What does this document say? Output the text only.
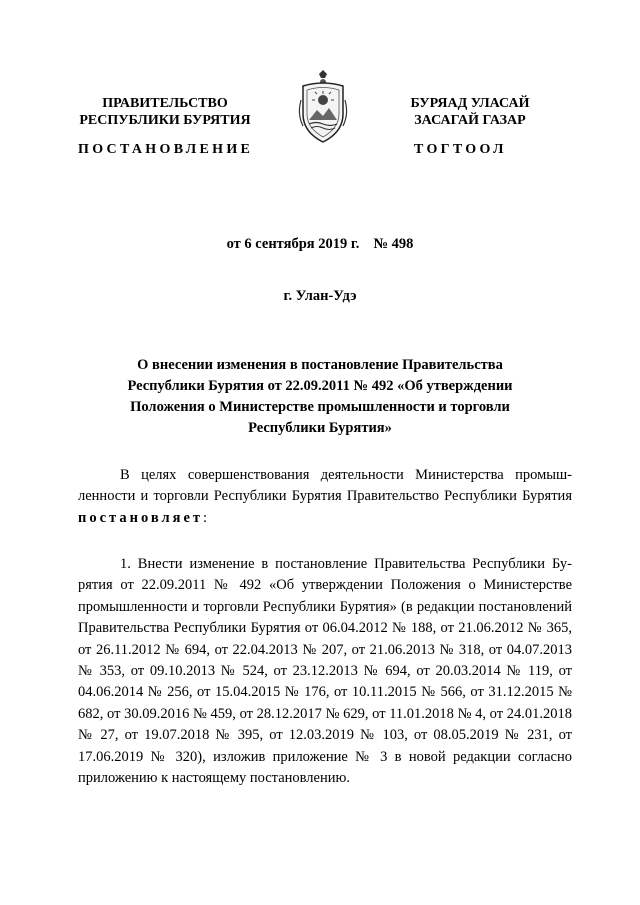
ПРАВИТЕЛЬСТВО
РЕСПУБЛИКИ БУРЯТИЯ
ПОСТАНОВЛЕНИЕ
БУРЯАД УЛАСАЙ
ЗАСАГАЙ ГАЗАР
ТОГТООЛ
от 6 сентября 2019 г. № 498
г. Улан-Удэ
О внесении изменения в постановление Правительства Республики Бурятия от 22.09.2011 № 492 «Об утверждении Положения о Министерстве промышленности и торговли Республики Бурятия»
В целях совершенствования деятельности Министерства промышленности и торговли Республики Бурятия Правительство Республики Бурятия постановляет:
1. Внести изменение в постановление Правительства Республики Бурятия от 22.09.2011 № 492 «Об утверждении Положения о Министерстве промышленности и торговли Республики Бурятия» (в редакции постановлений Правительства Республики Бурятия от 06.04.2012 № 188, от 21.06.2012 № 365, от 26.11.2012 № 694, от 22.04.2013 № 207, от 21.06.2013 № 318, от 04.07.2013 № 353, от 09.10.2013 № 524, от 23.12.2013 № 694, от 20.03.2014 № 119, от 04.06.2014 № 256, от 15.04.2015 № 176, от 10.11.2015 № 566, от 31.12.2015 № 682, от 30.09.2016 № 459, от 28.12.2017 № 629, от 11.01.2018 № 4, от 24.01.2018 № 27, от 19.07.2018 № 395, от 12.03.2019 № 103, от 08.05.2019 № 231, от 17.06.2019 № 320), изложив приложение № 3 в новой редакции согласно приложению к настоящему постановлению.
